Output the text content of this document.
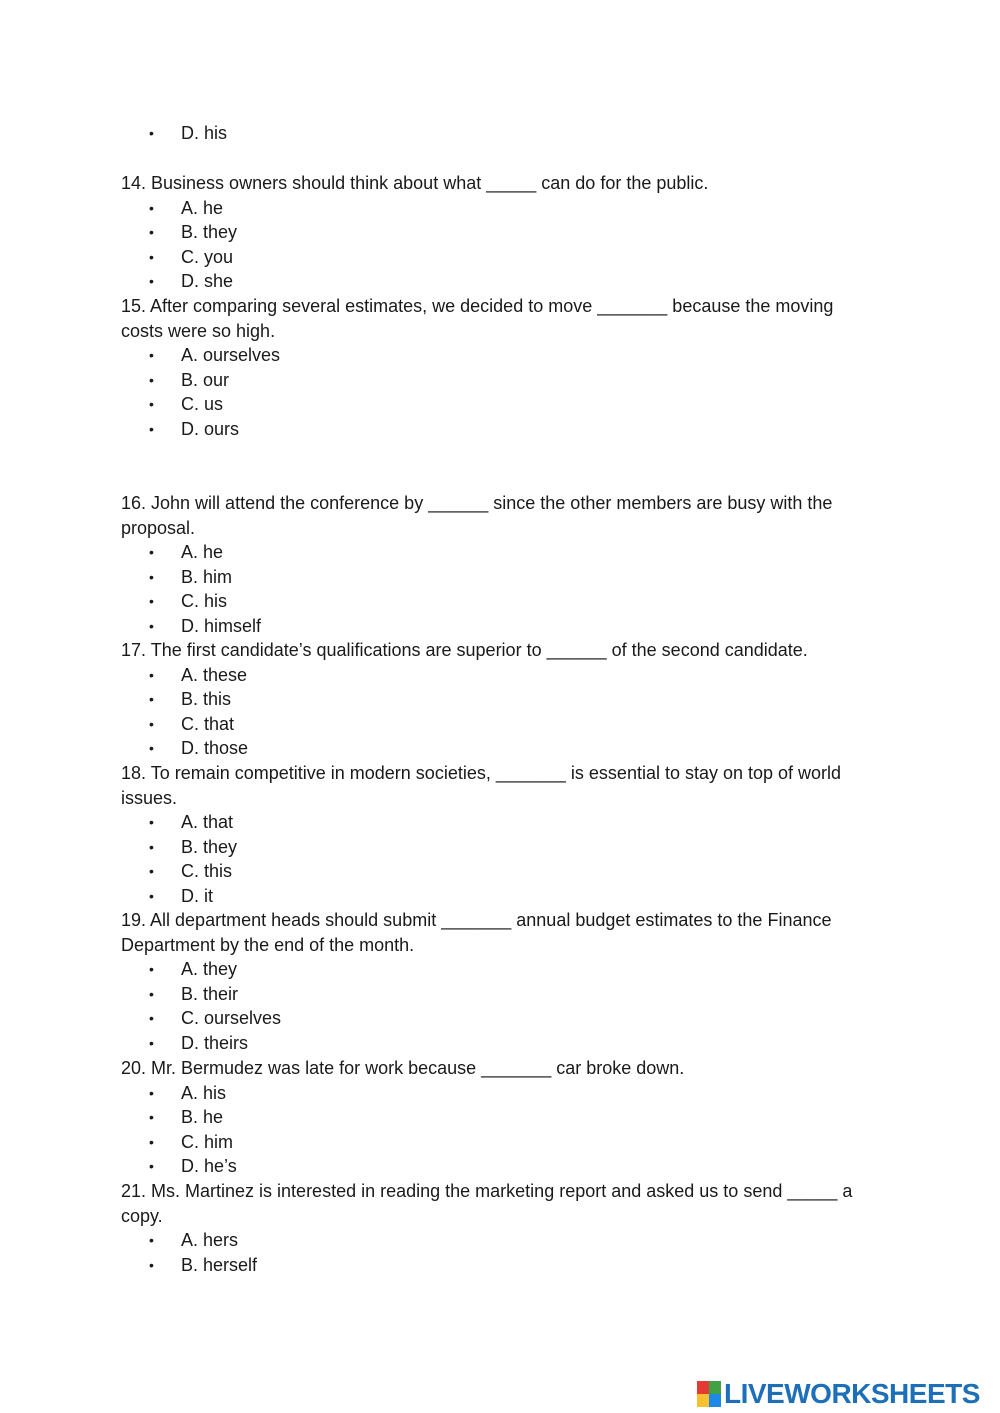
• D. his
14. Business owners should think about what _____ can do for the public.
• A. he
• B. they
• C. you
• D. she
15. After comparing several estimates, we decided to move _______ because the moving
costs were so high.
• A. ourselves
• B. our
• C. us
• D. ours
16. John will attend the conference by ______ since the other members are busy with the
proposal.
• A. he
• B. him
• C. his
• D. himself
17. The first candidate’s qualifications are superior to ______ of the second candidate.
• A. these
• B. this
• C. that
• D. those
18. To remain competitive in modern societies, _______ is essential to stay on top of world
issues.
• A. that
• B. they
• C. this
• D. it
19. All department heads should submit _______ annual budget estimates to the Finance
Department by the end of the month.
• A. they
• B. their
• C. ourselves
• D. theirs
20. Mr. Bermudez was late for work because _______ car broke down.
• A. his
• B. he
• C. him
• D. he’s
21. Ms. Martinez is interested in reading the marketing report and asked us to send _____ a
copy.
• A. hers
• B. herself
LIVEWORKSHEETS
